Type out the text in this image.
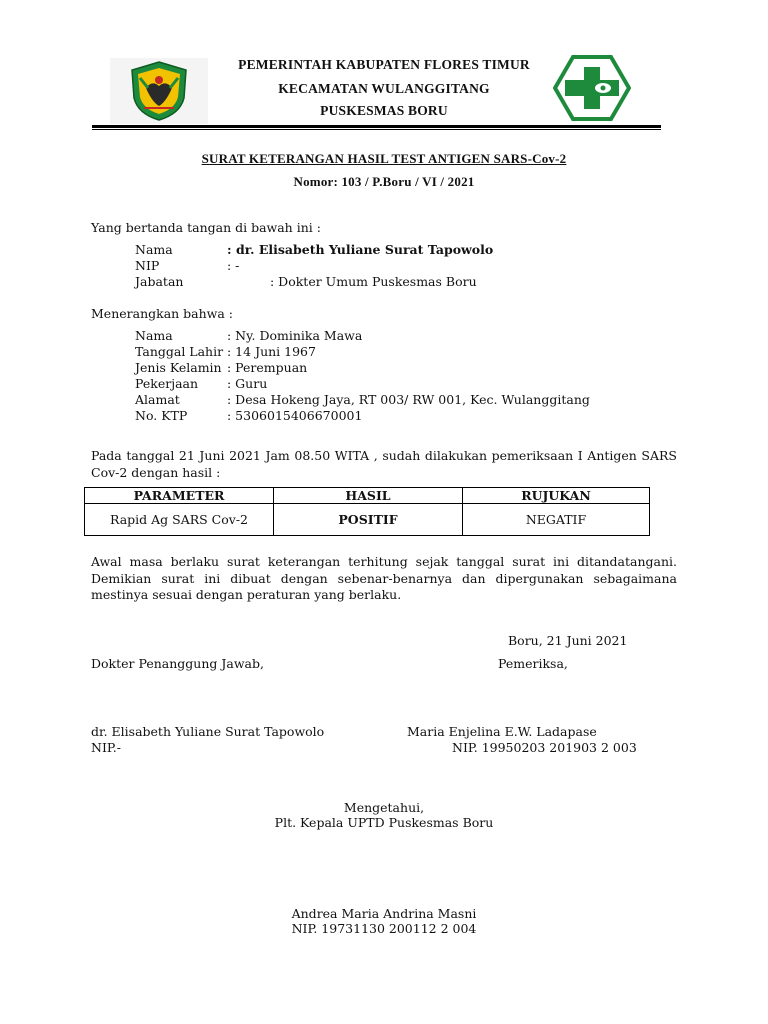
PEMERINTAH KABUPATEN FLORES TIMUR
KECAMATAN WULANGGITANG
PUSKESMAS BORU
SURAT KETERANGAN HASIL TEST ANTIGEN SARS-Cov-2
Nomor: 103 / P.Boru / VI / 2021
Yang bertanda tangan di bawah ini :
Nama	: dr. Elisabeth Yuliane Surat Tapowolo
NIP	: -
Jabatan	: Dokter Umum Puskesmas Boru
Menerangkan bahwa :
Nama	: Ny. Dominika Mawa
Tanggal Lahir : 14 Juni 1967
Jenis Kelamin : Perempuan
Pekerjaan : Guru
Alamat	: Desa Hokeng Jaya, RT 003/ RW 001, Kec. Wulanggitang
No. KTP	: 5306015406670001
Pada tanggal 21 Juni 2021 Jam 08.50 WITA , sudah dilakukan pemeriksaan I Antigen SARS Cov-2 dengan hasil :
PARAMETER	HASIL	RUJUKAN
Rapid Ag SARS Cov-2	POSITIF	NEGATIF
Awal masa berlaku surat keterangan terhitung sejak tanggal surat ini ditandatangani. Demikian surat ini dibuat dengan sebenar-benarnya dan dipergunakan sebagaimana mestinya sesuai dengan peraturan yang berlaku.
Boru, 21 Juni 2021
Dokter Penanggung Jawab,	Pemeriksa,
dr. Elisabeth Yuliane Surat Tapowolo
NIP.-
Maria Enjelina E.W. Ladapase
NIP. 19950203 201903 2 003
Mengetahui,
Plt. Kepala UPTD Puskesmas Boru
Andrea Maria Andrina Masni
NIP. 19731130 200112 2 004
